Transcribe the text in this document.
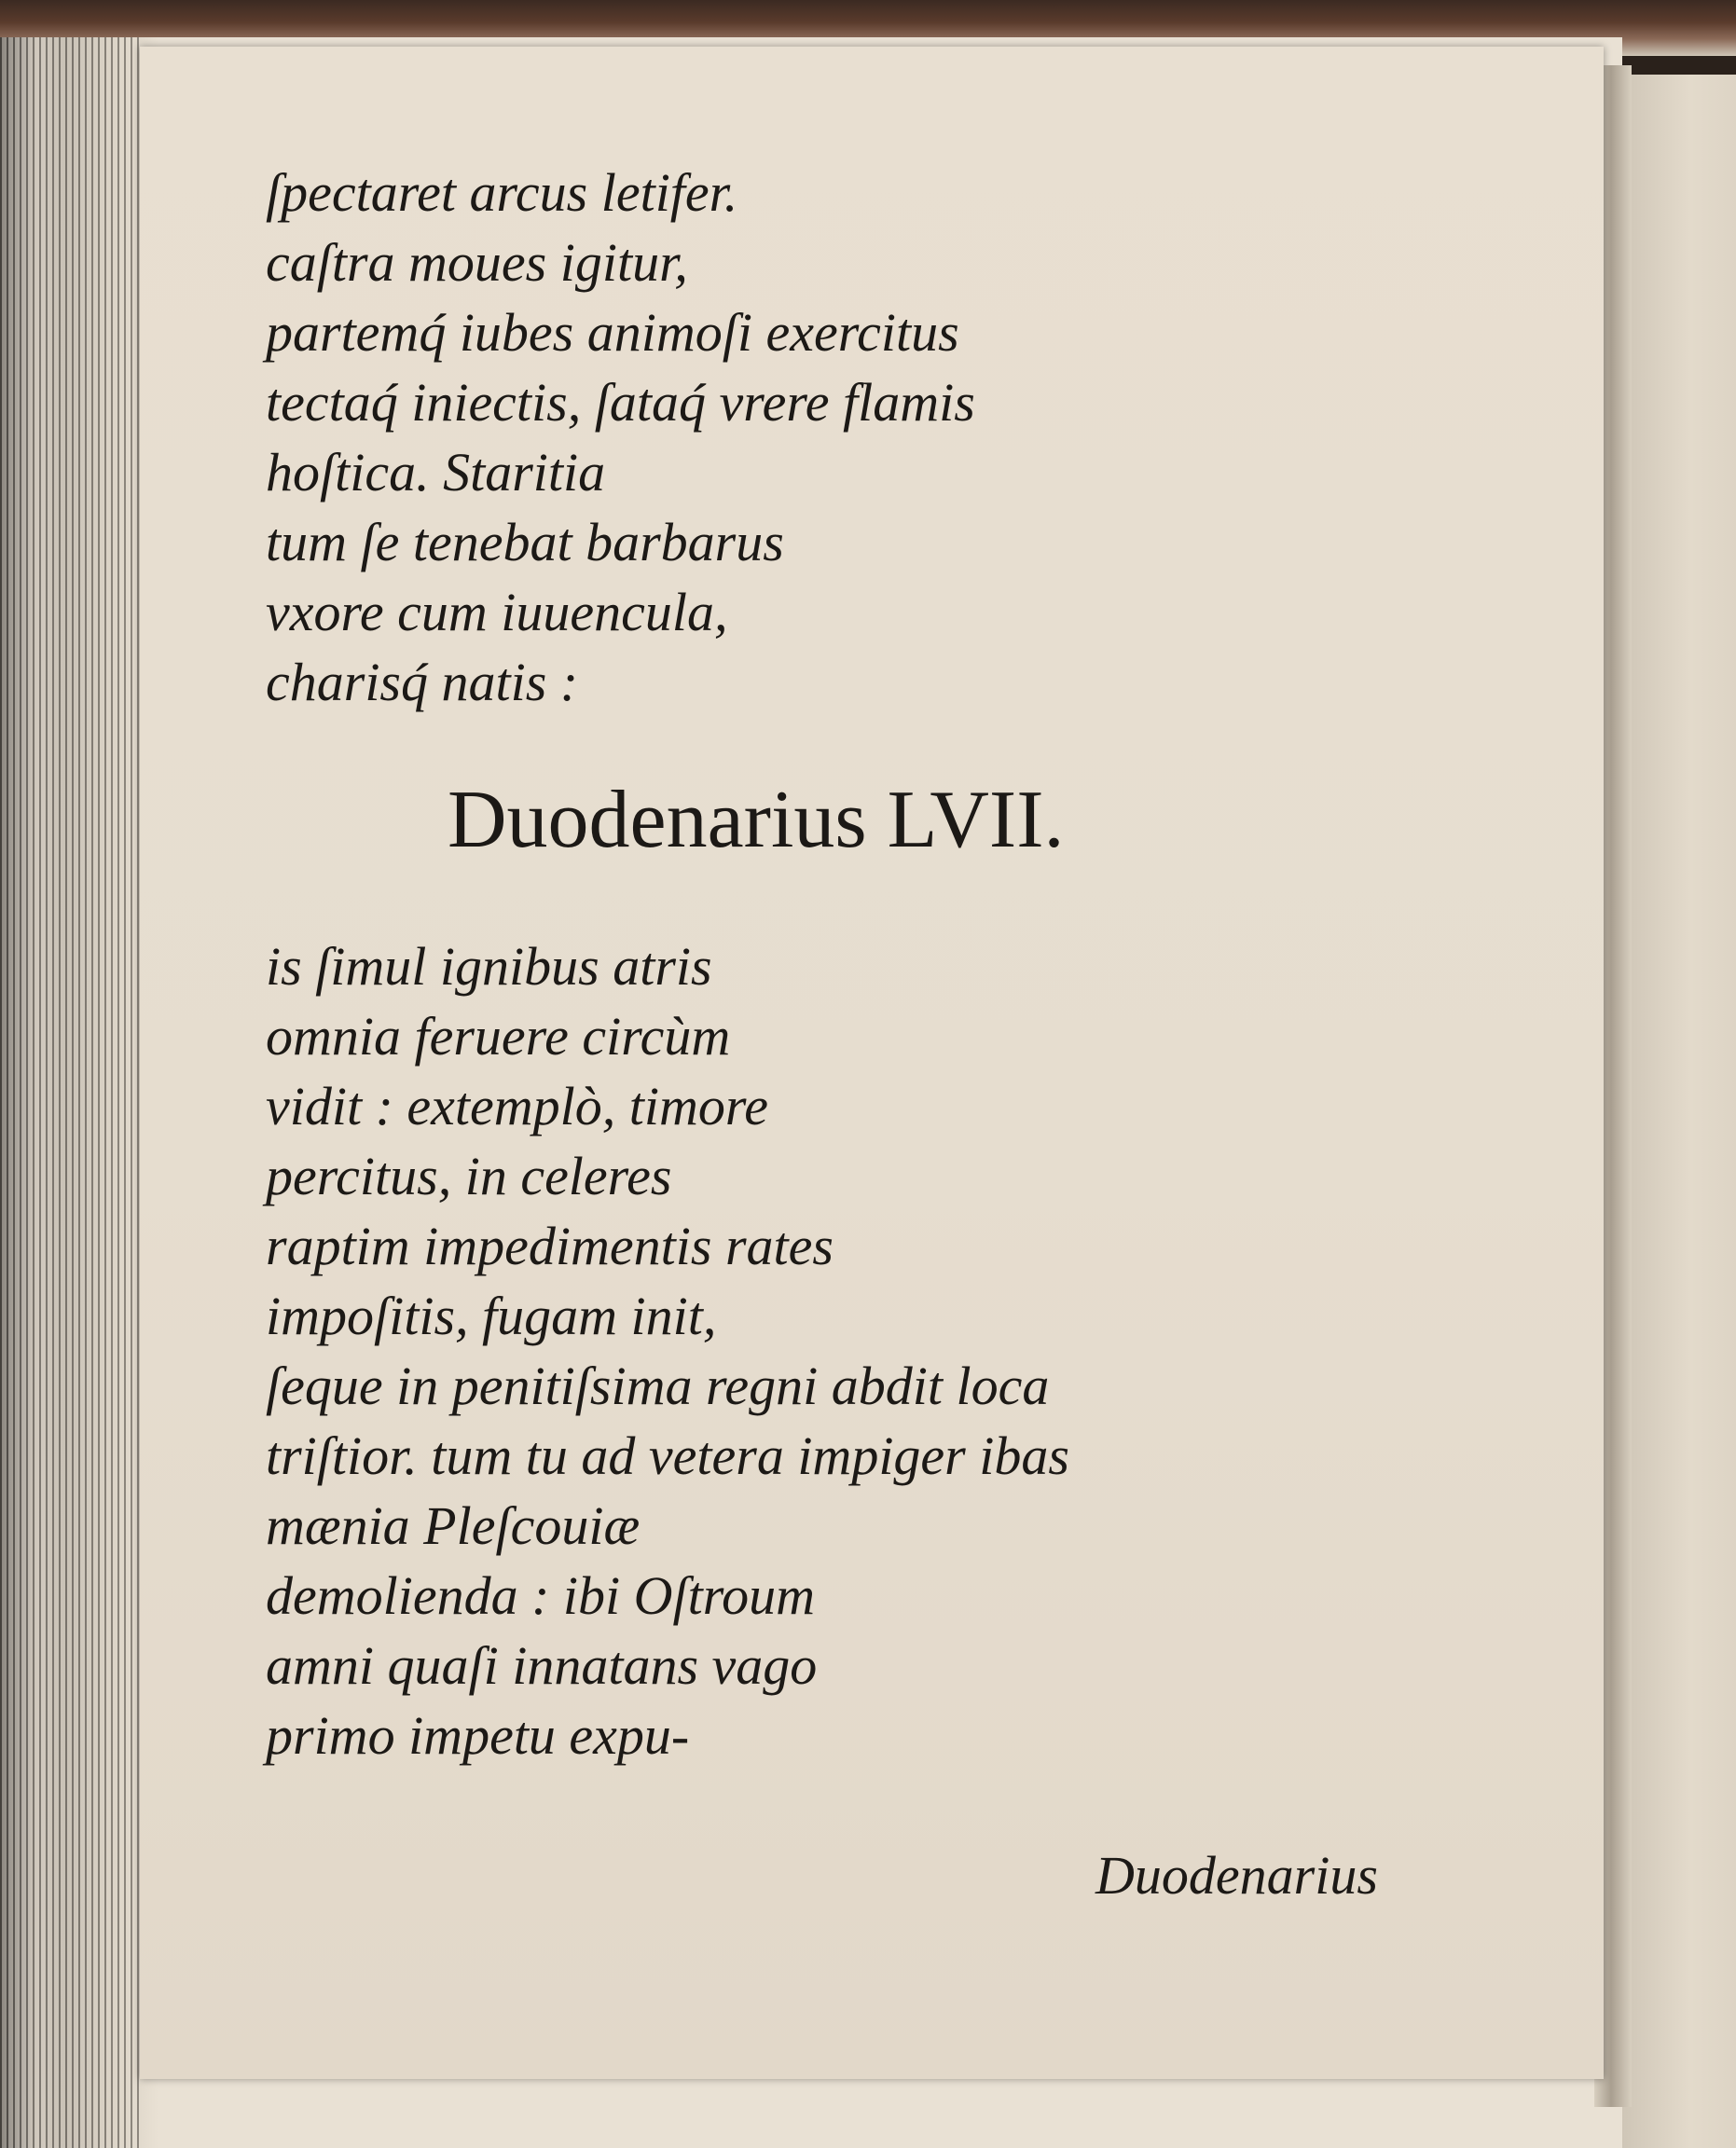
ſpectaret arcus letifer.

caſtra moues igitur,

partemq́ iubes animoſi exercitus

tectaq́ iniectis, ſataq́ vrere flamis

hoſtica. Staritia

tum ſe tenebat barbarus

vxore cum iuuencula,

charisq́ natis :

Duodenarius LVII.

is ſimul ignibus atris

omnia feruere circùm

vidit : extemplò, timore

percitus, in celeres

raptim impedimentis rates

impoſitis, fugam init,

ſeque in penitiſsima regni abdit loca

triſtior. tum tu ad vetera impiger ibas

mænia Pleſcouiæ

demolienda : ibi Oſtroum

amni quaſi innatans vago

primo impetu expu-

Duodenarius
